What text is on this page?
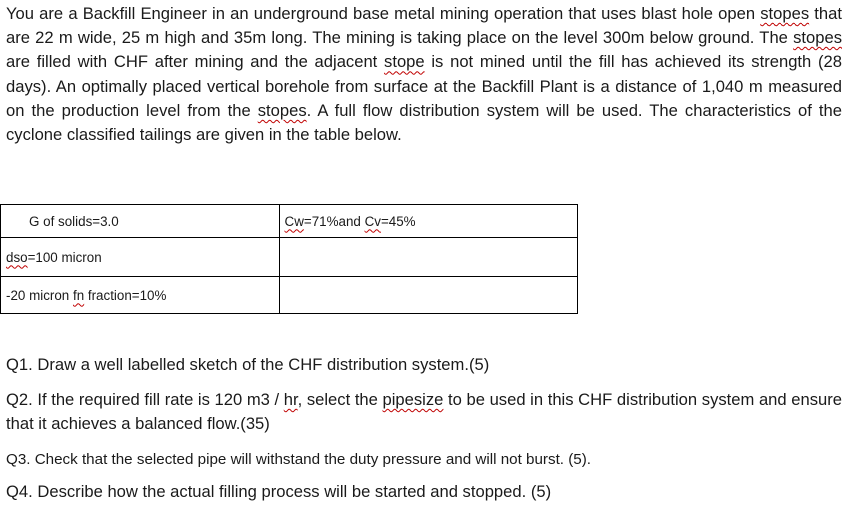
You are a Backfill Engineer in an underground base metal mining operation that uses blast hole open stopes that are 22 m wide, 25 m high and 35m long. The mining is taking place on the level 300m below ground. The stopes are filled with CHF after mining and the adjacent stope is not mined until the fill has achieved its strength (28 days). An optimally placed vertical borehole from surface at the Backfill Plant is a distance of 1,040 m measured on the production level from the stopes. A full flow distribution system will be used. The characteristics of the cyclone classified tailings are given in the table below.

G of solids=3.0	Cw=71%and Cv=45%
dso=100 micron	
-20 micron fn fraction=10%	

Q1. Draw a well labelled sketch of the CHF distribution system.(5)

Q2. If the required fill rate is 120 m3 / hr, select the pipesize to be used in this CHF distribution system and ensure that it achieves a balanced flow.(35)

Q3. Check that the selected pipe will withstand the duty pressure and will not burst. (5).

Q4. Describe how the actual filling process will be started and stopped. (5)
